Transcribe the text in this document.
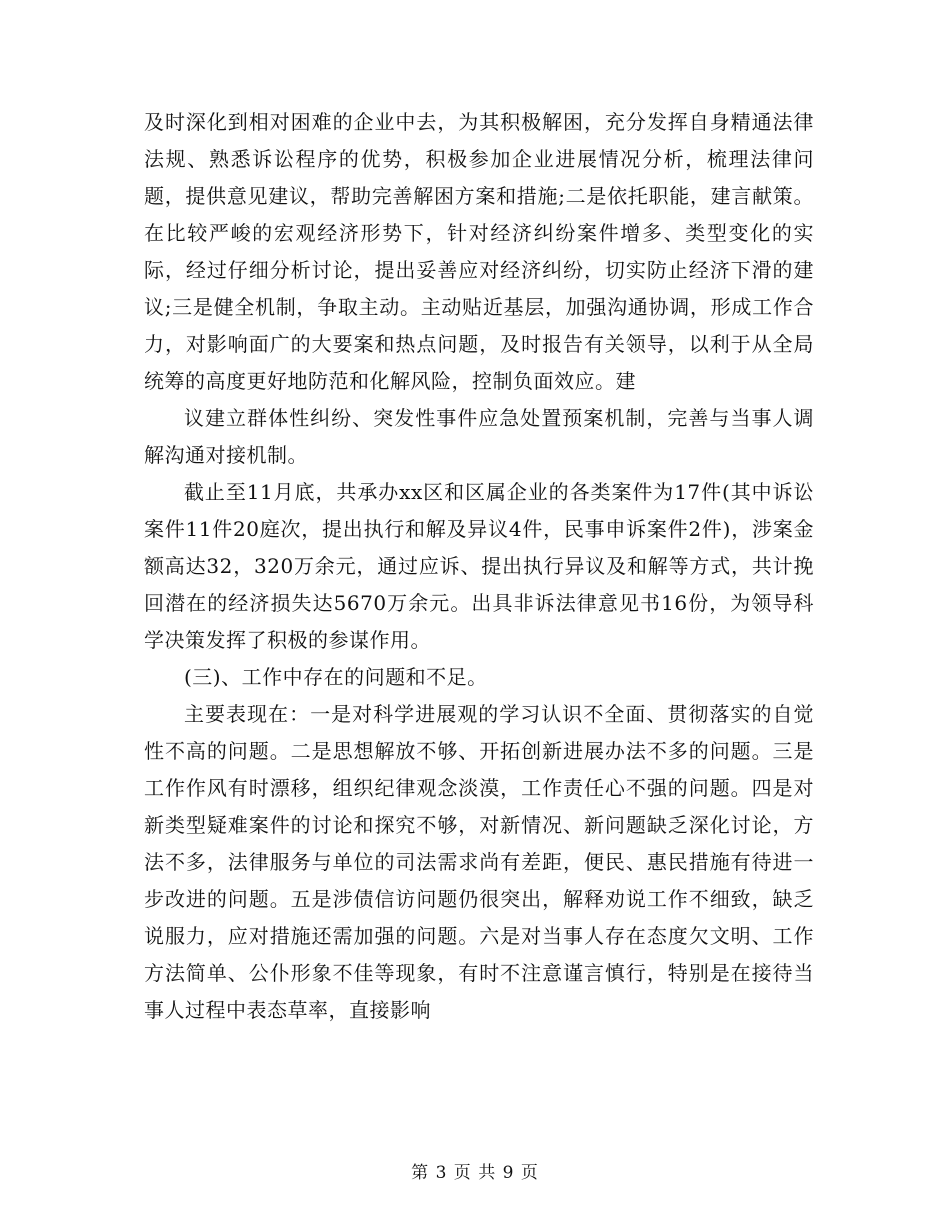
及时深化到相对困难的企业中去，为其积极解困，充分发挥自身精通法律法规、熟悉诉讼程序的优势，积极参加企业进展情况分析，梳理法律问题，提供意见建议，帮助完善解困方案和措施;二是依托职能，建言献策。在比较严峻的宏观经济形势下，针对经济纠纷案件增多、类型变化的实际，经过仔细分析讨论，提出妥善应对经济纠纷，切实防止经济下滑的建议;三是健全机制，争取主动。主动贴近基层，加强沟通协调，形成工作合力，对影响面广的大要案和热点问题，及时报告有关领导，以利于从全局统筹的高度更好地防范和化解风险，控制负面效应。建

议建立群体性纠纷、突发性事件应急处置预案机制，完善与当事人调解沟通对接机制。

截止至11月底，共承办xx区和区属企业的各类案件为17件(其中诉讼案件11件20庭次，提出执行和解及异议4件，民事申诉案件2件)，涉案金额高达32，320万余元，通过应诉、提出执行异议及和解等方式，共计挽回潜在的经济损失达5670万余元。出具非诉法律意见书16份，为领导科学决策发挥了积极的参谋作用。

(三)、工作中存在的问题和不足。

主要表现在：一是对科学进展观的学习认识不全面、贯彻落实的自觉性不高的问题。二是思想解放不够、开拓创新进展办法不多的问题。三是工作作风有时漂移，组织纪律观念淡漠，工作责任心不强的问题。四是对新类型疑难案件的讨论和探究不够，对新情况、新问题缺乏深化讨论，方法不多，法律服务与单位的司法需求尚有差距，便民、惠民措施有待进一步改进的问题。五是涉债信访问题仍很突出，解释劝说工作不细致，缺乏说服力，应对措施还需加强的问题。六是对当事人存在态度欠文明、工作方法简单、公仆形象不佳等现象，有时不注意谨言慎行，特别是在接待当事人过程中表态草率，直接影响

第 3 页 共 9 页
